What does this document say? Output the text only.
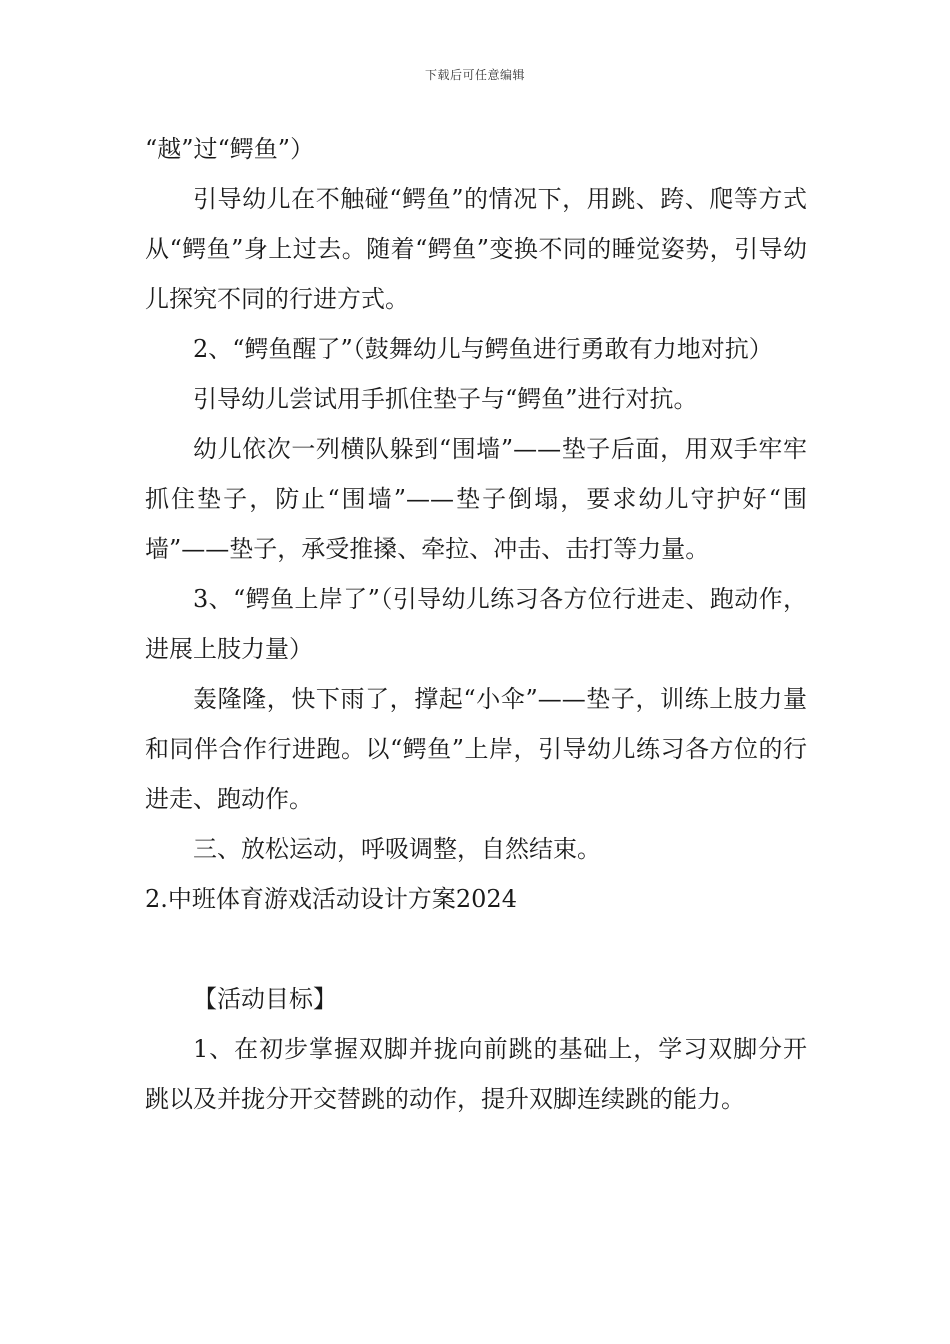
下载后可任意编辑

“越”过“鳄鱼”）

引导幼儿在不触碰“鳄鱼”的情况下，用跳、跨、爬等方式从“鳄鱼”身上过去。随着“鳄鱼”变换不同的睡觉姿势，引导幼儿探究不同的行进方式。

2、“鳄鱼醒了”（鼓舞幼儿与鳄鱼进行勇敢有力地对抗）

引导幼儿尝试用手抓住垫子与“鳄鱼”进行对抗。

幼儿依次一列横队躲到“围墙”——垫子后面，用双手牢牢抓住垫子，防止“围墙”——垫子倒塌，要求幼儿守护好“围墙”——垫子，承受推搡、牵拉、冲击、击打等力量。

3、“鳄鱼上岸了”（引导幼儿练习各方位行进走、跑动作，进展上肢力量）

轰隆隆，快下雨了，撑起“小伞”——垫子，训练上肢力量和同伴合作行进跑。以“鳄鱼”上岸，引导幼儿练习各方位的行进走、跑动作。

三、放松运动，呼吸调整，自然结束。

2.中班体育游戏活动设计方案2024

【活动目标】

1、在初步掌握双脚并拢向前跳的基础上，学习双脚分开跳以及并拢分开交替跳的动作，提升双脚连续跳的能力。
